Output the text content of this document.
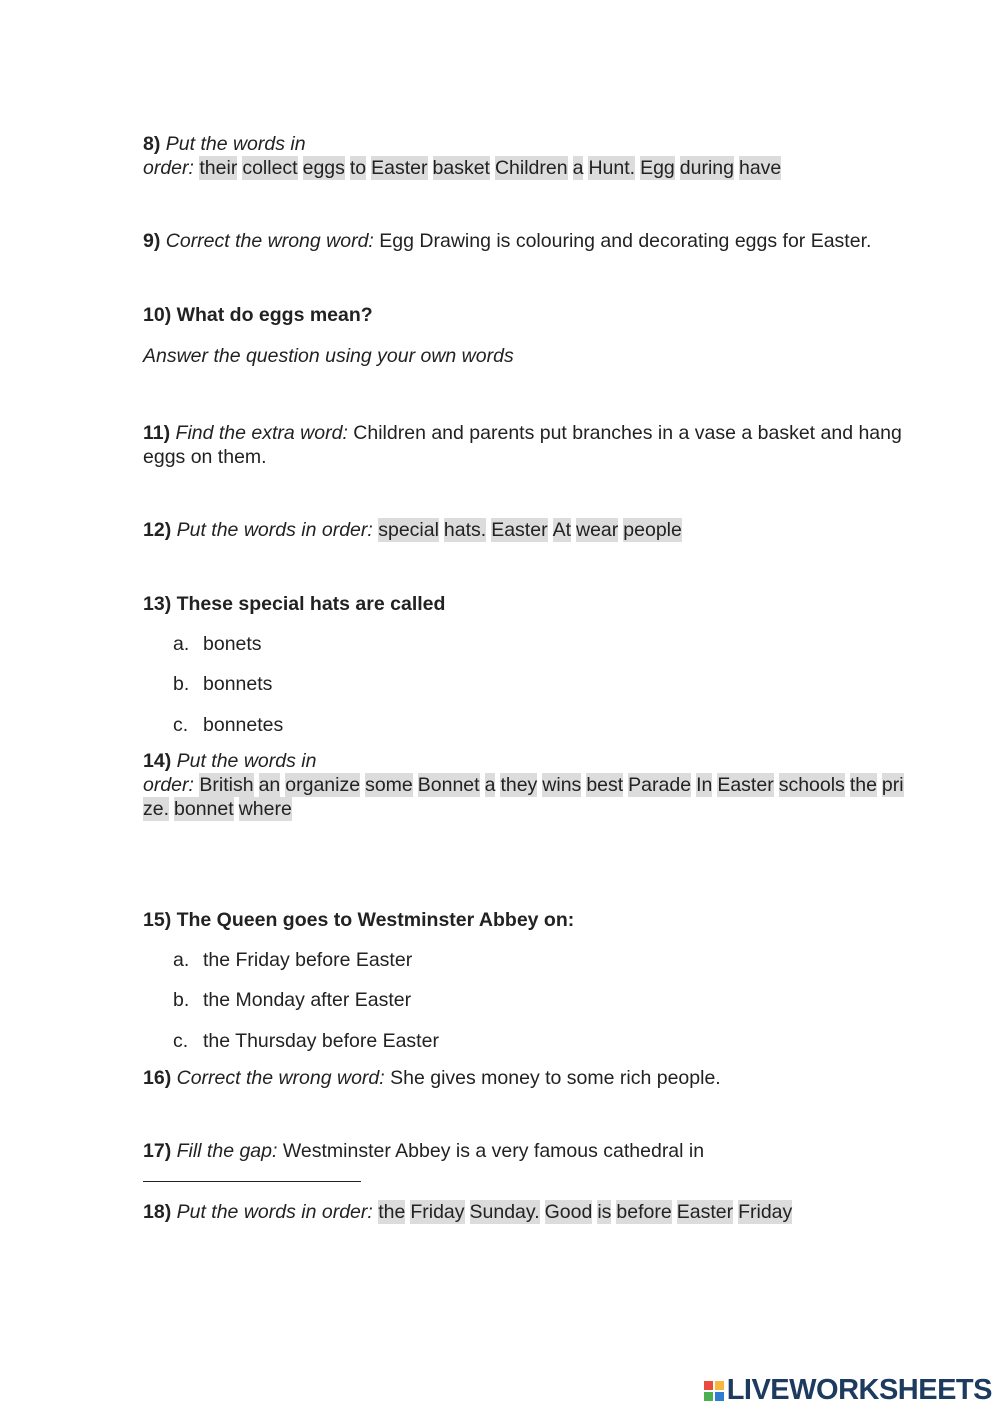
8) Put the words in
order: their collect eggs to Easter basket Children a Hunt. Egg during have
9) Correct the wrong word: Egg Drawing is colouring and decorating eggs for Easter.
10) What do eggs mean?
Answer the question using your own words
11) Find the extra word: Children and parents put branches in a vase a basket and hang eggs on them.
12) Put the words in order: special hats. Easter At wear people
13) These special hats are called
a. bonets
b. bonnets
c. bonnetes
14) Put the words in
order: British an organize some Bonnet a they wins best Parade In Easter schools the pri
ze. bonnet where
15) The Queen goes to Westminster Abbey on:
a. the Friday before Easter
b. the Monday after Easter
c. the Thursday before Easter
16) Correct the wrong word: She gives money to some rich people.
17) Fill the gap: Westminster Abbey is a very famous cathedral in
18) Put the words in order: the Friday Sunday. Good is before Easter Friday
LIVEWORKSHEETS
